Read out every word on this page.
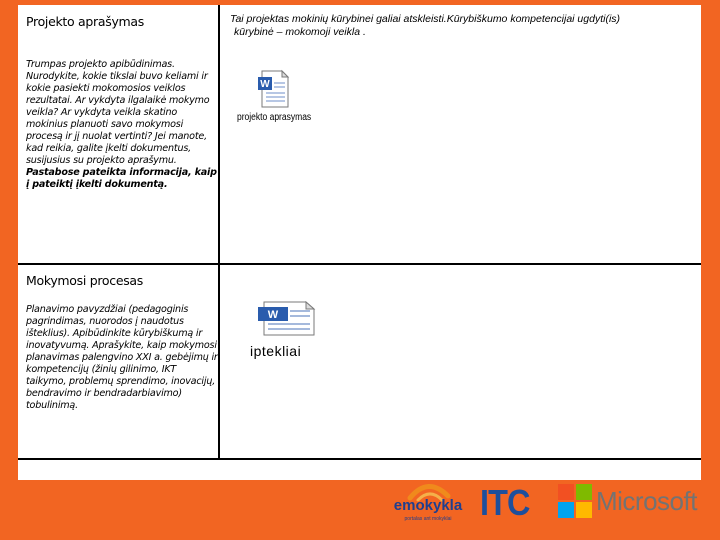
Projekto aprašymas
Trumpas projekto apibūdinimas. Nurodykite, kokie tikslai buvo keliami ir kokie pasiekti mokomosios veiklos rezultatai. Ar vykdyta ilgalaikė mokymo veikla? Ar vykdyta veikla skatino mokinius planuoti savo mokymosi procesą ir jį nuolat vertinti? Jei manote, kad reikia, galite įkelti dokumentus, susijusius su projekto aprašymu. Pastabose pateikta informacija, kaip į pateiktį įkelti dokumentą.
Tai projektas mokinių kūrybinei galiai atskleisti.Kūrybiškumo kompetencijai ugdyti(is)
kūrybinė – mokomoji veikla .
W
projekto aprasymas
Mokymosi procesas
Planavimo pavyzdžiai (pedagoginis pagrindimas, nuorodos į naudotus išteklius). Apibūdinkite kūrybiškumą ir inovatyvumą. Aprašykite, kaip mokymosi planavimas palengvino XXI a. gebėjimų ir kompetencijų (žinių gilinimo, IKT taikymo, problemų sprendimo, inovacijų, bendravimo ir bendradarbiavimo) tobulinimą.
W
iptekliai
emokykla
portalas ant mokyklai ITC	Microsoft
